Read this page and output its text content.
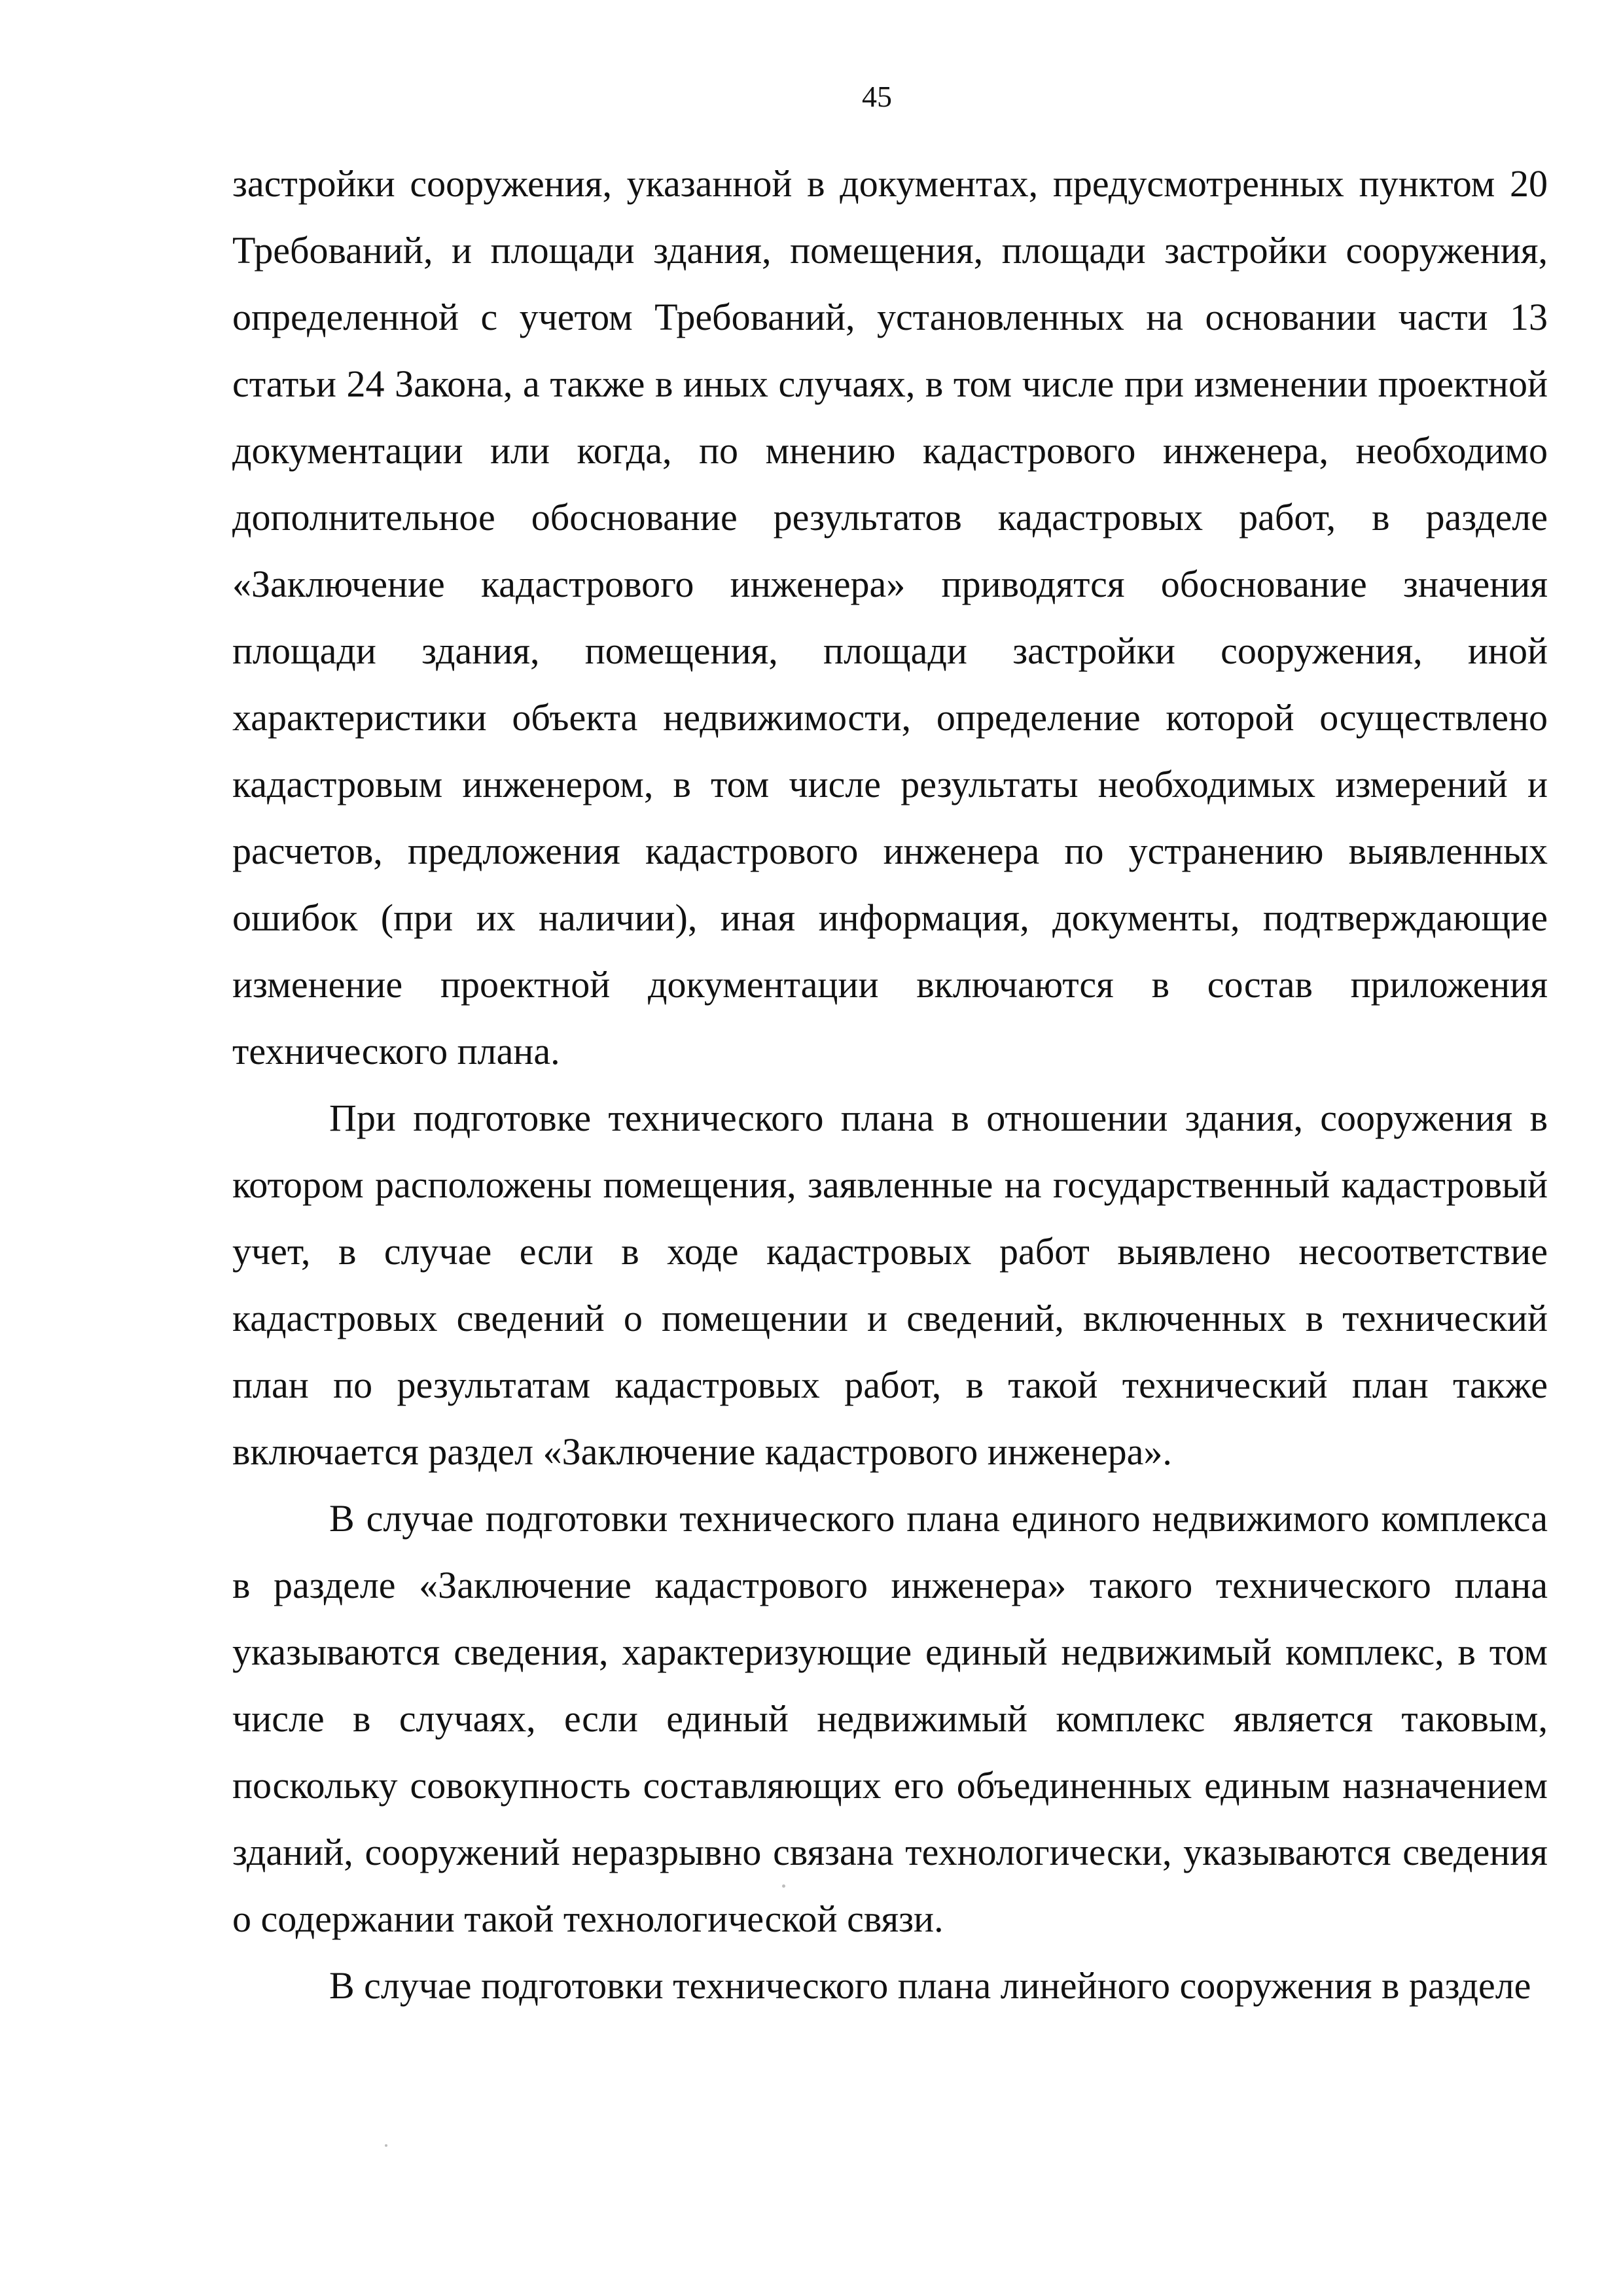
45

застройки сооружения, указанной в документах, предусмотренных пунктом 20 Требований, и площади здания, помещения, площади застройки сооружения, определенной с учетом Требований, установленных на основании части 13 статьи 24 Закона, а также в иных случаях, в том числе при изменении проектной документации или когда, по мнению кадастрового инженера, необходимо дополнительное обоснование результатов кадастровых работ, в разделе «Заключение кадастрового инженера» приводятся обоснование значения площади здания, помещения, площади застройки сооружения, иной характеристики объекта недвижимости, определение которой осуществлено кадастровым инженером, в том числе результаты необходимых измерений и расчетов, предложения кадастрового инженера по устранению выявленных ошибок (при их наличии), иная информация, документы, подтверждающие изменение проектной документации включаются в состав приложения технического плана.

При подготовке технического плана в отношении здания, сооружения в котором расположены помещения, заявленные на государственный кадастровый учет, в случае если в ходе кадастровых работ выявлено несоответствие кадастровых сведений о помещении и сведений, включенных в технический план по результатам кадастровых работ, в такой технический план также включается раздел «Заключение кадастрового инженера».

В случае подготовки технического плана единого недвижимого комплекса в разделе «Заключение кадастрового инженера» такого технического плана указываются сведения, характеризующие единый недвижимый комплекс, в том числе в случаях, если единый недвижимый комплекс является таковым, поскольку совокупность составляющих его объединенных единым назначением зданий, сооружений неразрывно связана технологически, указываются сведения о содержании такой технологической связи.

В случае подготовки технического плана линейного сооружения в разделе
